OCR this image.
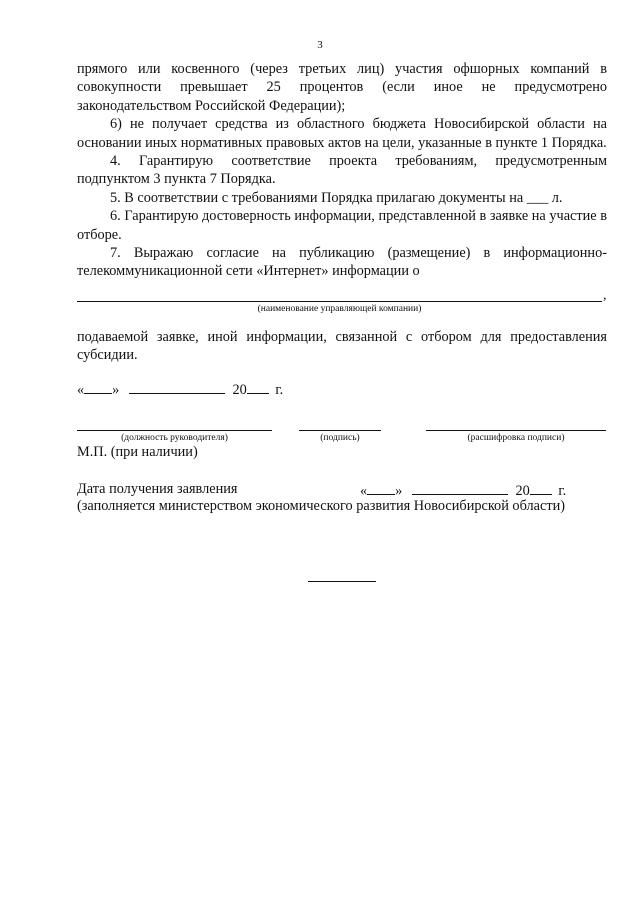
3

прямого или косвенного (через третьих лиц) участия офшорных компаний в совокупности превышает 25 процентов (если иное не предусмотрено законодательством Российской Федерации);

6) не получает средства из областного бюджета Новосибирской области на основании иных нормативных правовых актов на цели, указанные в пункте 1 Порядка.

4. Гарантирую соответствие проекта требованиям, предусмотренным подпунктом 3 пункта 7 Порядка.

5. В соответствии с требованиями Порядка прилагаю документы на ___ л.

6. Гарантирую достоверность информации, представленной в заявке на участие в отборе.

7. Выражаю согласие на публикацию (размещение) в информационно-телекоммуникационной сети «Интернет» информации о

,
(наименование управляющей компании)

подаваемой заявке, иной информации, связанной с отбором для предоставления субсидии.

« »	20 г.
(должность руководителя)	(подпись)	(расшифровка подписи)
М.П. (при наличии)
Дата получения заявления	« »	20 г.
(заполняется министерством экономического развития Новосибирской области)
